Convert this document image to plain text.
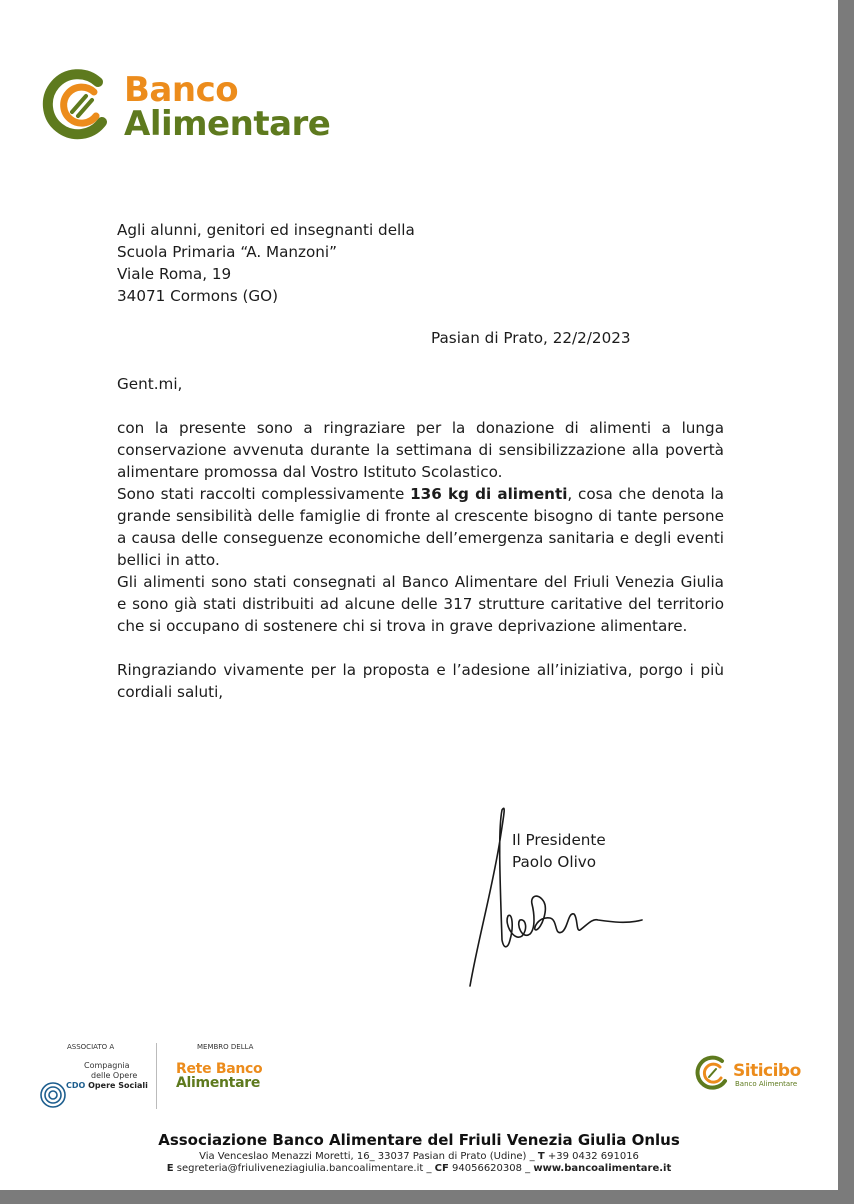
Banco
Alimentare
Agli alunni, genitori ed insegnanti della
Scuola Primaria “A. Manzoni”
Viale Roma, 19
34071 Cormons (GO)
Pasian di Prato, 22/2/2023
Gent.mi,

con la presente sono a ringraziare per la donazione di alimenti a lunga conservazione avvenuta durante la settimana di sensibilizzazione alla povertà alimentare promossa dal Vostro Istituto Scolastico.

Sono stati raccolti complessivamente 136 kg di alimenti, cosa che denota la grande sensibilità delle famiglie di fronte al crescente bisogno di tante persone a causa delle conseguenze economiche dell’emergenza sanitaria e degli eventi bellici in atto.

Gli alimenti sono stati consegnati al Banco Alimentare del Friuli Venezia Giulia e sono già stati distribuiti ad alcune delle 317 strutture caritative del territorio che si occupano di sostenere chi si trova in grave deprivazione alimentare.

Ringraziando vivamente per la proposta e l’adesione all’iniziativa, porgo i più cordiali saluti,

Il Presidente
Paolo Olivo
ASSOCIATO A
Compagnia
delle Opere
CDO Opere Sociali
MEMBRO DELLA
Rete Banco
Alimentare
Siticibo
Banco Alimentare
Associazione Banco Alimentare del Friuli Venezia Giulia Onlus
Via Venceslao Menazzi Moretti, 16_ 33037 Pasian di Prato (Udine) _ T +39 0432 691016
E segreteria@friuliveneziagiulia.bancoalimentare.it _ CF 94056620308 _ www.bancoalimentare.it
